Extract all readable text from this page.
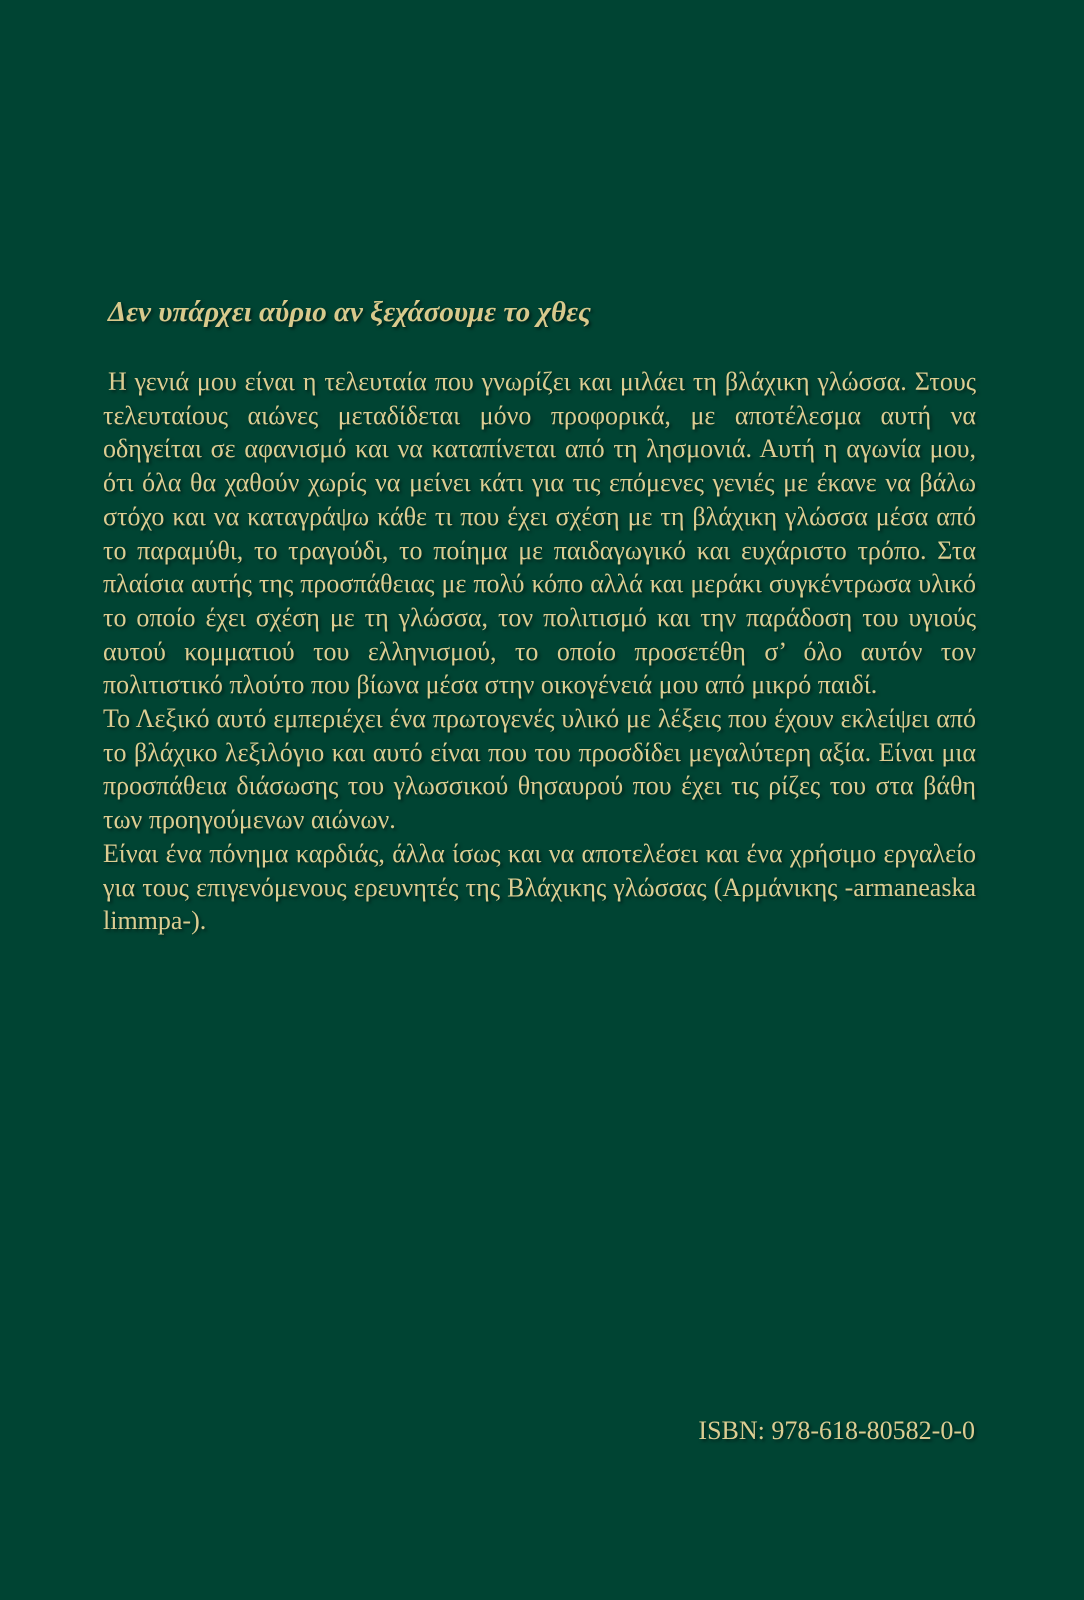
Δεν υπάρχει αύριο αν ξεχάσουμε το χθες

Η γενιά μου είναι η τελευταία που γνωρίζει και μιλάει τη βλάχικη γλώσσα. Στους τελευταίους αιώνες μεταδίδεται μόνο προφορικά, με αποτέλεσμα αυτή να οδηγείται σε αφανισμό και να καταπίνεται από τη λησμονιά. Αυτή η αγωνία μου, ότι όλα θα χαθούν χωρίς να μείνει κάτι για τις επόμενες γενιές με έκανε να βάλω στόχο και να καταγράψω κάθε τι που έχει σχέση με τη βλάχικη γλώσσα μέσα από το παραμύθι, το τραγούδι, το ποίημα με παιδαγωγικό και ευχάριστο τρόπο. Στα πλαίσια αυτής της προσπάθειας με πολύ κόπο αλλά και μεράκι συγκέντρωσα υλικό το οποίο έχει σχέση με τη γλώσσα, τον πολιτισμό και την παράδοση του υγιούς αυτού κομματιού του ελληνισμού, το οποίο προσετέθη σ’ όλο αυτόν τον πολιτιστικό πλούτο που βίωνα μέσα στην οικογένειά μου από μικρό παιδί.

Το Λεξικό αυτό εμπεριέχει ένα πρωτογενές υλικό με λέξεις που έχουν εκλείψει από το βλάχικο λεξιλόγιο και αυτό είναι που του προσδίδει μεγαλύτερη αξία. Είναι μια προσπάθεια διάσωσης του γλωσσικού θησαυρού που έχει τις ρίζες του στα βάθη των προηγούμενων αιώνων.

Είναι ένα πόνημα καρδιάς, άλλα ίσως και να αποτελέσει και ένα χρήσιμο εργαλείο για τους επιγενόμενους ερευνητές της Βλάχικης γλώσσας (Αρμάνικης -armaneaska limmpa-).

ISBN: 978-618-80582-0-0
